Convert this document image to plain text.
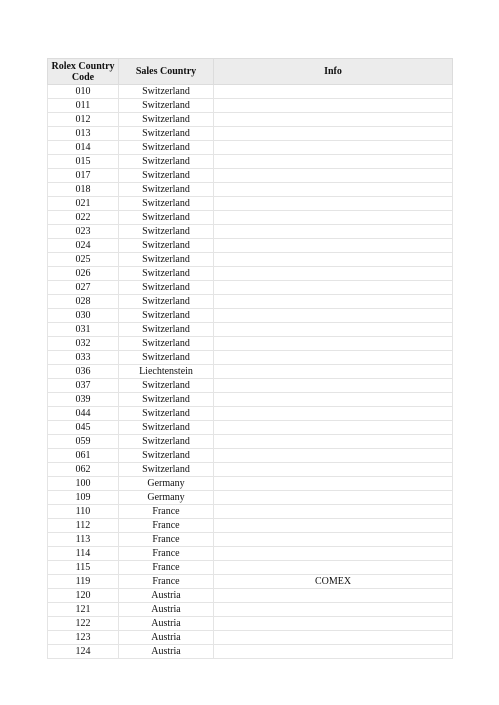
Rolex Country Code	Sales Country	Info
010	Switzerland	
011	Switzerland	
012	Switzerland	
013	Switzerland	
014	Switzerland	
015	Switzerland	
017	Switzerland	
018	Switzerland	
021	Switzerland	
022	Switzerland	
023	Switzerland	
024	Switzerland	
025	Switzerland	
026	Switzerland	
027	Switzerland	
028	Switzerland	
030	Switzerland	
031	Switzerland	
032	Switzerland	
033	Switzerland	
036	Liechtenstein	
037	Switzerland	
039	Switzerland	
044	Switzerland	
045	Switzerland	
059	Switzerland	
061	Switzerland	
062	Switzerland	
100	Germany	
109	Germany	
110	France	
112	France	
113	France	
114	France	
115	France	
119	France	COMEX
120	Austria	
121	Austria	
122	Austria	
123	Austria	
124	Austria	
